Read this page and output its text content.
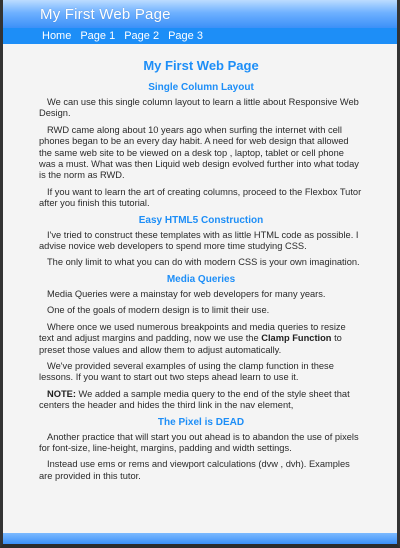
My First Web Page
Home Page 1 Page 2 Page 3
My First Web Page
Single Column Layout

We can use this single column layout to learn a little about Responsive Web Design.

RWD came along about 10 years ago when surfing the internet with cell phones began to be an every day habit. A need for web design that allowed the same web site to be viewed on a desk top , laptop, tablet or cell phone was a must. What was then Liquid web design evolved further into what today is the norm as RWD.

If you want to learn the art of creating columns, proceed to the Flexbox Tutor after you finish this tutorial.

Easy HTML5 Construction

I've tried to construct these templates with as little HTML code as possible. I advise novice web developers to spend more time studying CSS.

The only limit to what you can do with modern CSS is your own imagination.

Media Queries

Media Queries were a mainstay for web developers for many years.

One of the goals of modern design is to limit their use.

Where once we used numerous breakpoints and media queries to resize text and adjust margins and padding, now we use the Clamp Function to preset those values and allow them to adjust automatically.

We've provided several examples of using the clamp function in these lessons. If you want to start out two steps ahead learn to use it.

NOTE: We added a sample media query to the end of the style sheet that centers the header and hides the third link in the nav element,

The Pixel is DEAD

Another practice that will start you out ahead is to abandon the use of pixels for font-size, line-height, margins, padding and width settings.

Instead use ems or rems and viewport calculations (dvw , dvh). Examples are provided in this tutor.
